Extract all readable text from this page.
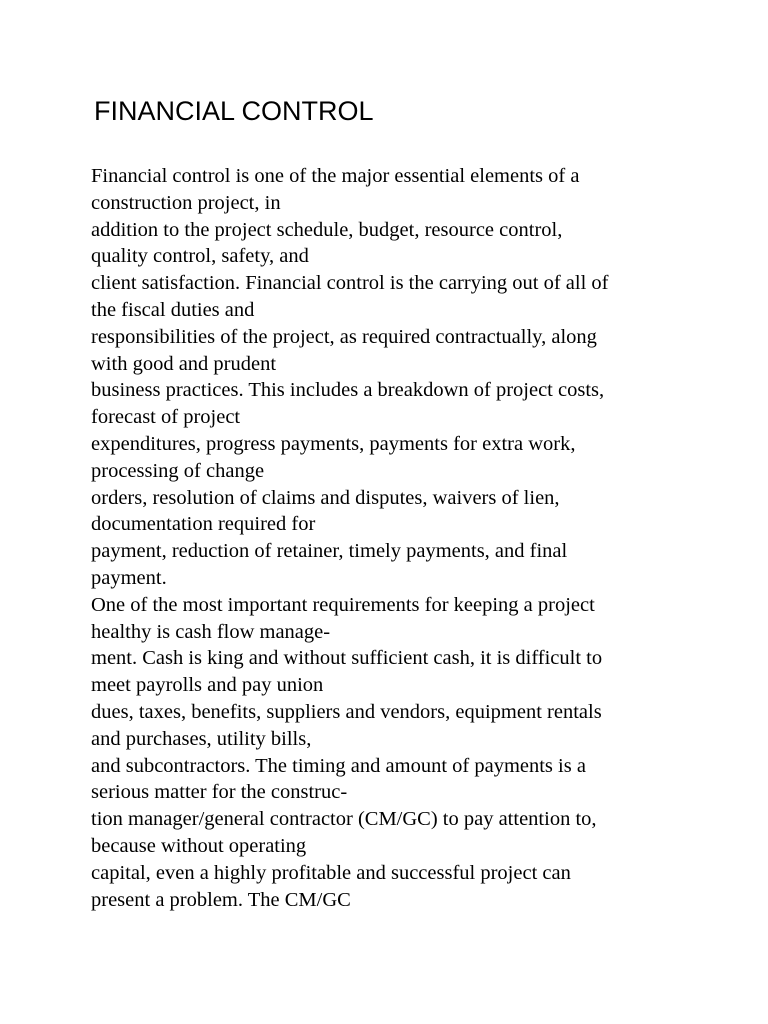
FINANCIAL CONTROL
Financial control is one of the major essential elements of a
construction project, in
addition to the project schedule, budget, resource control,
quality control, safety, and
client satisfaction. Financial control is the carrying out of all of
the fiscal duties and
responsibilities of the project, as required contractually, along
with good and prudent
business practices. This includes a breakdown of project costs,
forecast of project
expenditures, progress payments, payments for extra work,
processing of change
orders, resolution of claims and disputes, waivers of lien,
documentation required for
payment, reduction of retainer, timely payments, and final
payment.
One of the most important requirements for keeping a project
healthy is cash flow manage-
ment. Cash is king and without sufficient cash, it is difficult to
meet payrolls and pay union
dues, taxes, benefits, suppliers and vendors, equipment rentals
and purchases, utility bills,
and subcontractors. The timing and amount of payments is a
serious matter for the construc-
tion manager/general contractor (CM/GC) to pay attention to,
because without operating
capital, even a highly profitable and successful project can
present a problem. The CM/GC
